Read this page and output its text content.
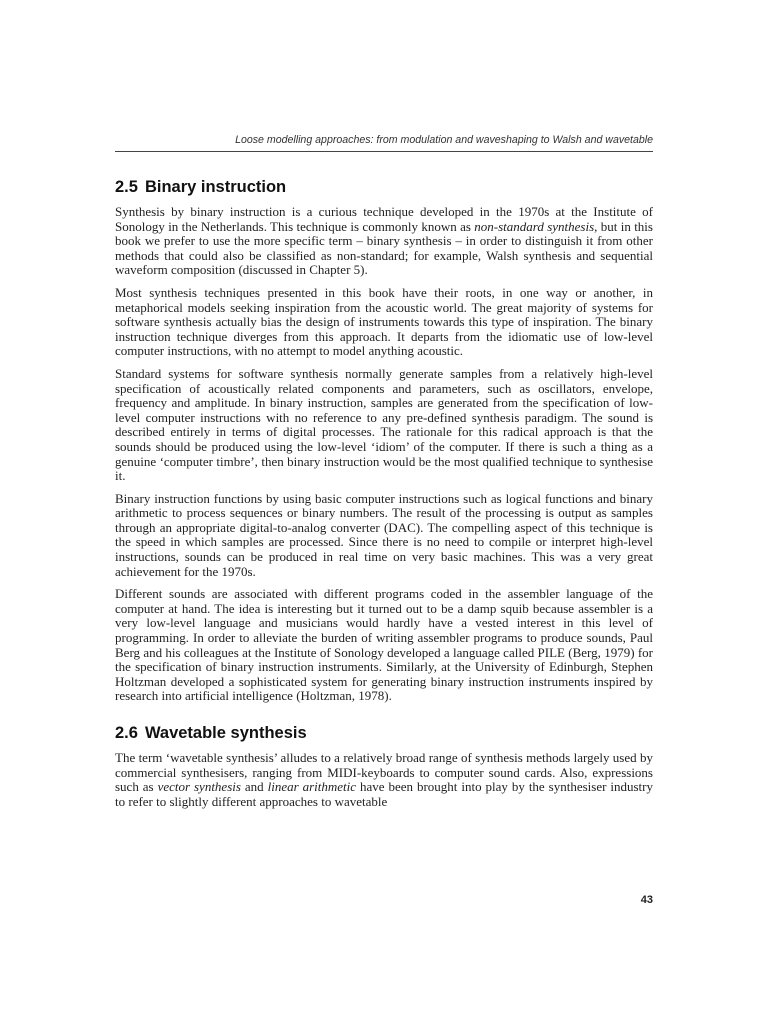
Loose modelling approaches: from modulation and waveshaping to Walsh and wavetable
2.5 Binary instruction

Synthesis by binary instruction is a curious technique developed in the 1970s at the Institute of Sonology in the Netherlands. This technique is commonly known as non-standard synthesis, but in this book we prefer to use the more specific term – binary synthesis – in order to distinguish it from other methods that could also be classified as non-standard; for example, Walsh synthesis and sequential waveform composition (discussed in Chapter 5).

Most synthesis techniques presented in this book have their roots, in one way or another, in metaphorical models seeking inspiration from the acoustic world. The great majority of systems for software synthesis actually bias the design of instruments towards this type of inspiration. The binary instruction technique diverges from this approach. It departs from the idiomatic use of low-level computer instructions, with no attempt to model anything acoustic.

Standard systems for software synthesis normally generate samples from a relatively high-level specification of acoustically related components and parameters, such as oscillators, envelope, frequency and amplitude. In binary instruction, samples are generated from the specification of low-level computer instructions with no reference to any pre-defined synthesis paradigm. The sound is described entirely in terms of digital processes. The rationale for this radical approach is that the sounds should be produced using the low-level ‘idiom’ of the computer. If there is such a thing as a genuine ‘computer timbre’, then binary instruction would be the most qualified technique to synthesise it.

Binary instruction functions by using basic computer instructions such as logical functions and binary arithmetic to process sequences or binary numbers. The result of the processing is output as samples through an appropriate digital-to-analog converter (DAC). The compelling aspect of this technique is the speed in which samples are processed. Since there is no need to compile or interpret high-level instructions, sounds can be produced in real time on very basic machines. This was a very great achievement for the 1970s.

Different sounds are associated with different programs coded in the assembler language of the computer at hand. The idea is interesting but it turned out to be a damp squib because assembler is a very low-level language and musicians would hardly have a vested interest in this level of programming. In order to alleviate the burden of writing assembler programs to produce sounds, Paul Berg and his colleagues at the Institute of Sonology developed a language called PILE (Berg, 1979) for the specification of binary instruction instruments. Similarly, at the University of Edinburgh, Stephen Holtzman developed a sophisticated system for generating binary instruction instruments inspired by research into artificial intelligence (Holtzman, 1978).

2.6 Wavetable synthesis

The term ‘wavetable synthesis’ alludes to a relatively broad range of synthesis methods largely used by commercial synthesisers, ranging from MIDI-keyboards to computer sound cards. Also, expressions such as vector synthesis and linear arithmetic have been brought into play by the synthesiser industry to refer to slightly different approaches to wavetable

43
